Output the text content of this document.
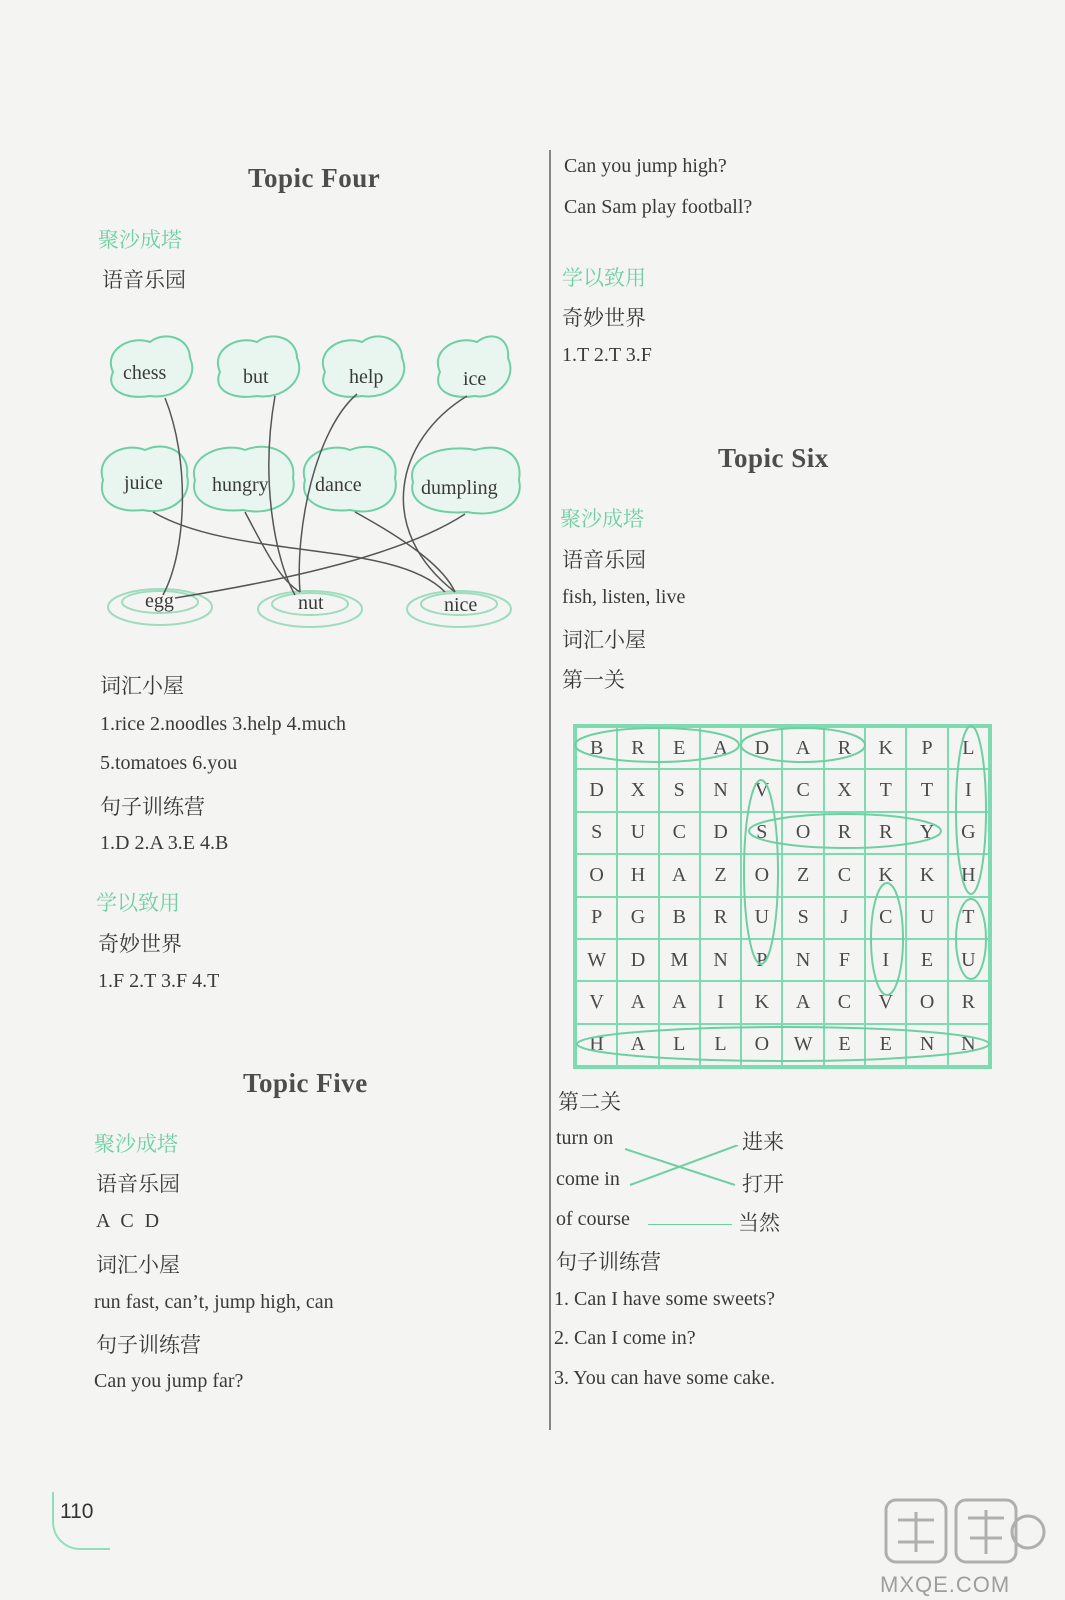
Topic Four
聚沙成塔
语音乐园
chess	but	help	ice
juice hungry dance	dumpling
egg	nut	nice
词汇小屋
1.rice 2.noodles 3.help 4.much
5.tomatoes 6.you
句子训练营
1.D 2.A 3.E 4.B
学以致用
奇妙世界
1.F 2.T 3.F 4.T
Topic Five
聚沙成塔
语音乐园
A C D
词汇小屋
run fast, can’t, jump high, can
句子训练营
Can you jump far?
Can you jump high?
Can Sam play football?
学以致用
奇妙世界
1.T 2.T 3.F
Topic Six
聚沙成塔
语音乐园
fish, listen, live
词汇小屋
第一关
B	R	E	A	D	A	R	K	P	L
D	X	S	N	V	C	X	T	T	I
S	U	C	D	S	O	R	R	Y	G
O	H	A	Z	O	Z	C	K	K	H
P	G	B	R	U	S	J	C	U	T
W	D	M	N	P	N	F	I	E	U
V	A	A	I	K	A	C	V	O	R
H	A	L	L	O	W	E	E	N	N
第二关
turn on
come in
of course
进来
打开
当然
句子训练营
1. Can I have some sweets?
2. Can I come in?
3. You can have some cake.
110
MXQE.COM
